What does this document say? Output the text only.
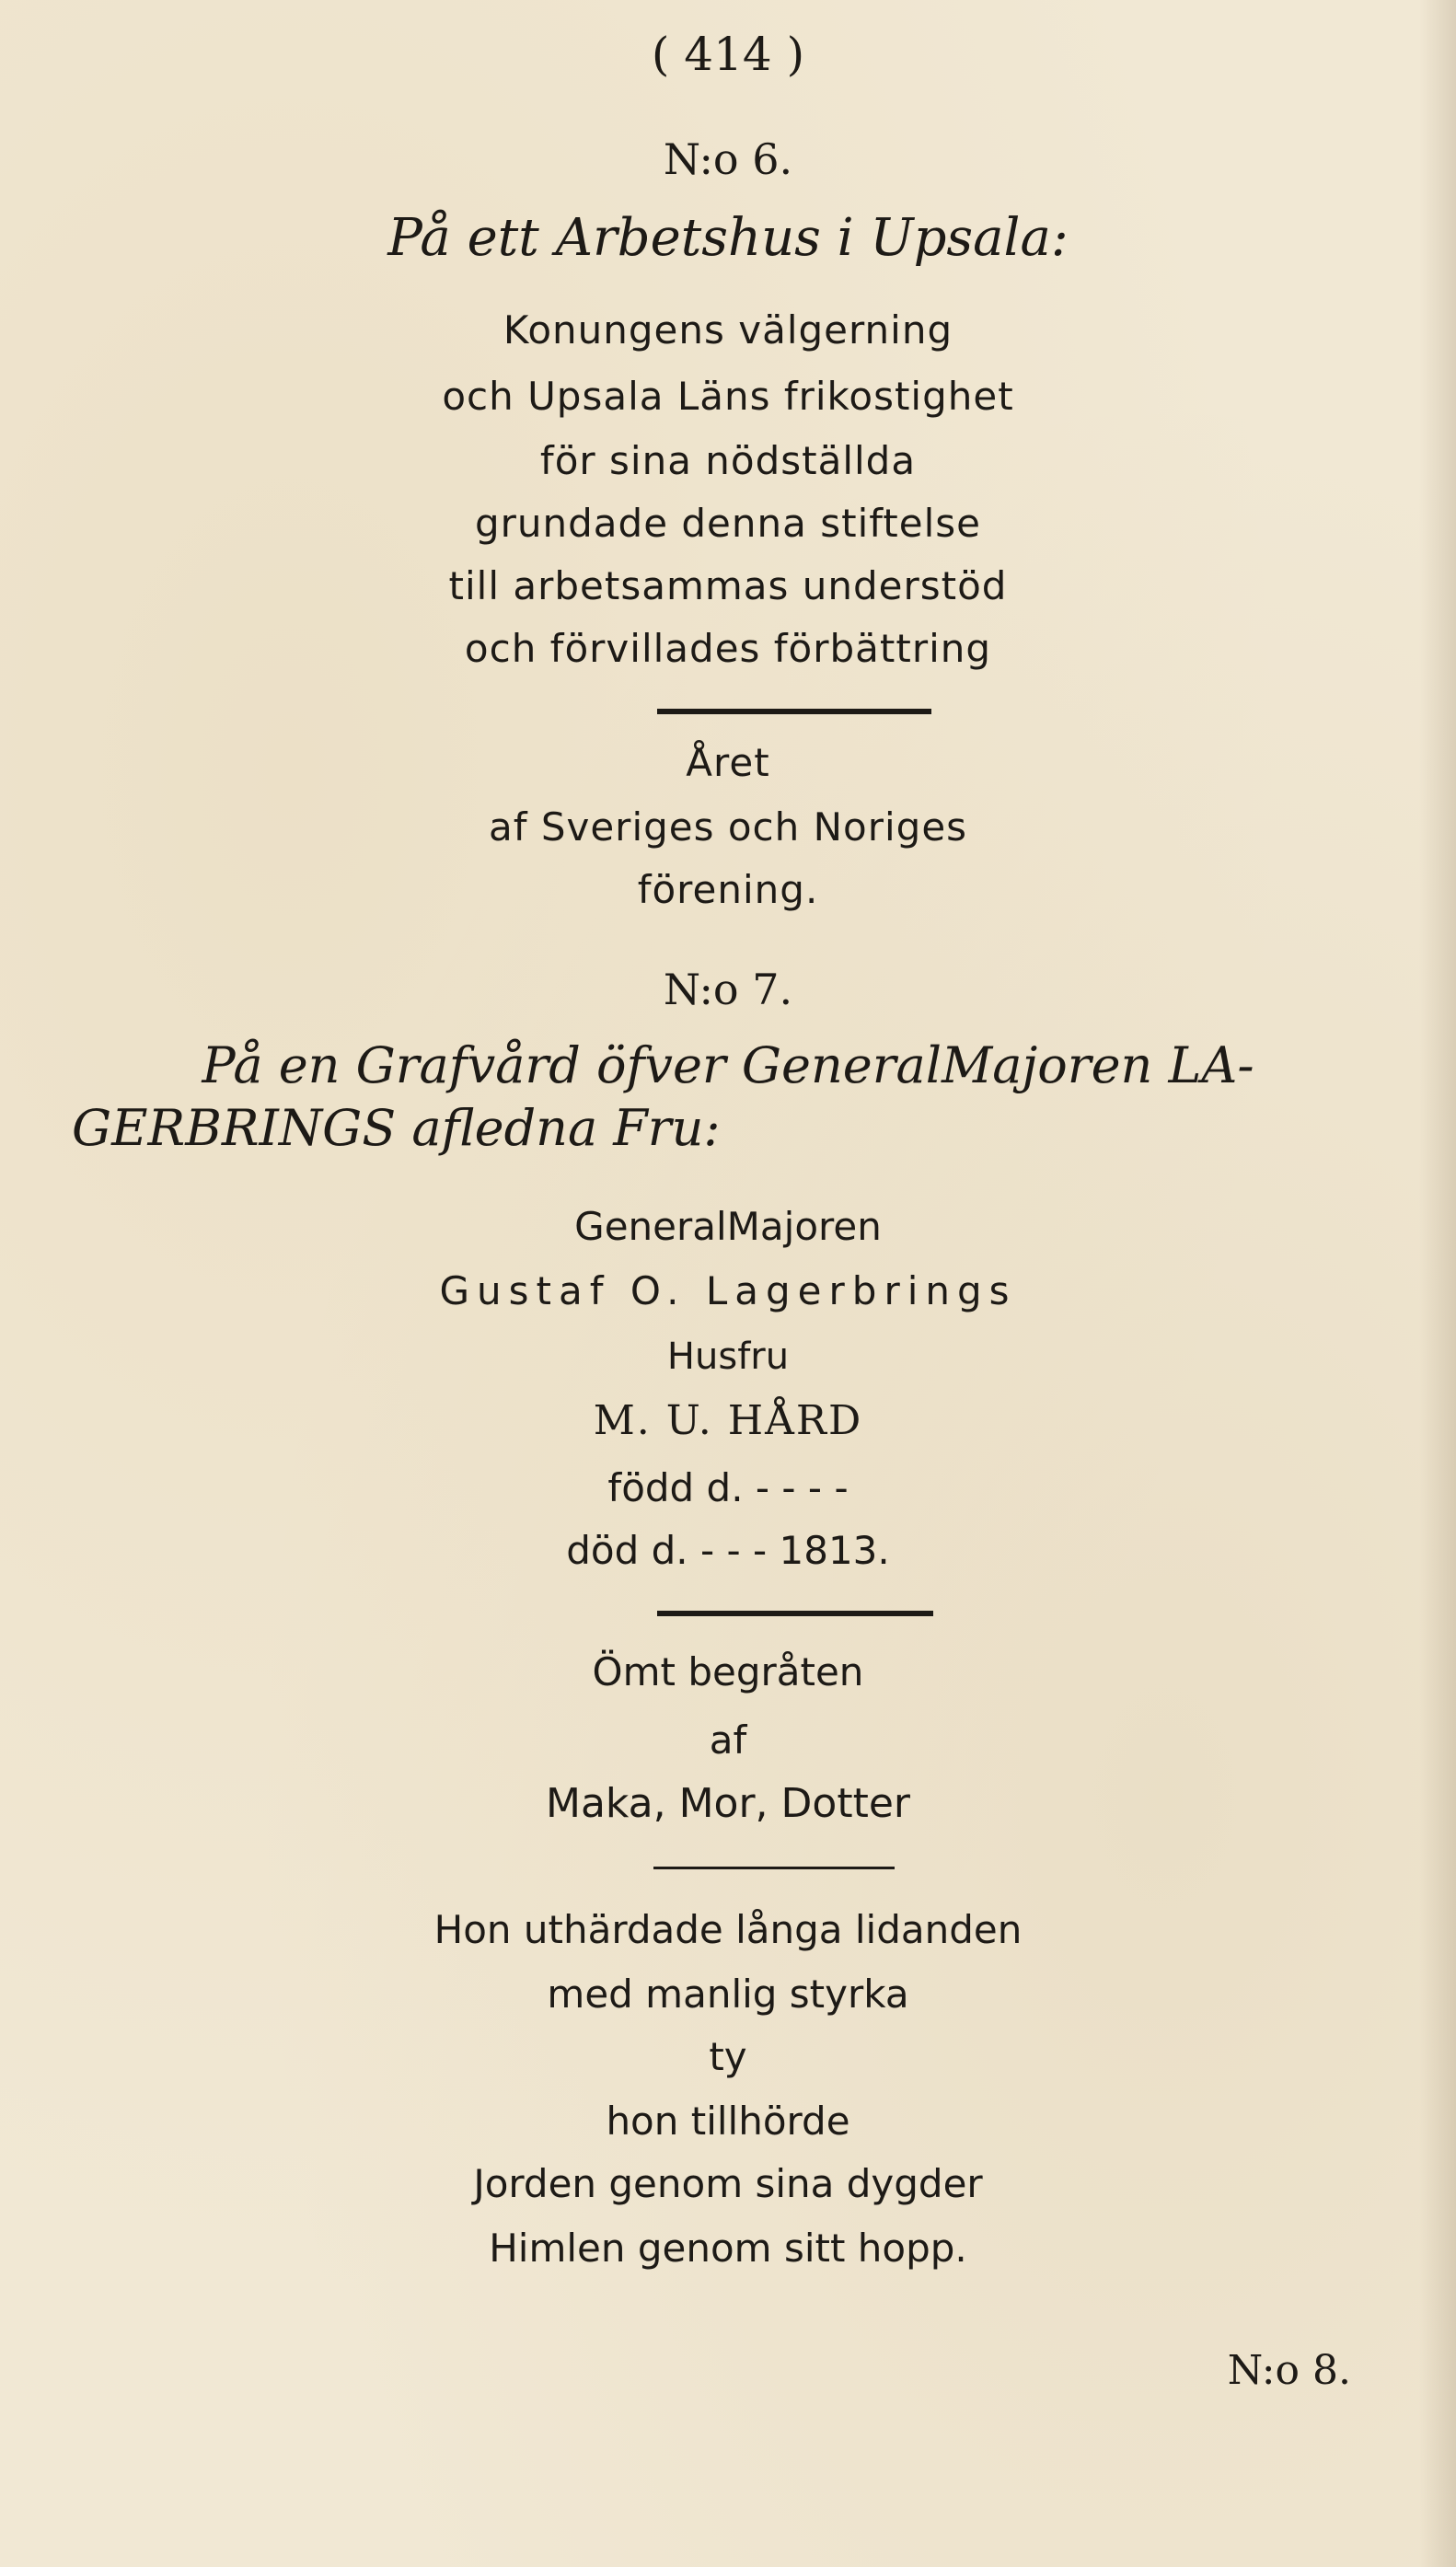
( 414 )
N:o 6.
På ett Arbetshus i Upsala:
Konungens välgerning
och Upsala Läns frikostighet
för sina nödställda
grundade denna stiftelse
till arbetsammas understöd
och förvillades förbättring
Året
af Sveriges och Noriges
förening.
N:o 7.
På en Grafvård öfver GeneralMajoren LA-
GERBRINGS afledna Fru:
GeneralMajoren
Gustaf O. Lagerbrings
Husfru
M. U. HÅRD
född d. - - - -
död d. - - - 1813.
Ömt begråten
af
Maka, Mor, Dotter
Hon uthärdade långa lidanden
med manlig styrka
ty
hon tillhörde
Jorden genom sina dygder
Himlen genom sitt hopp.
N:o 8.
